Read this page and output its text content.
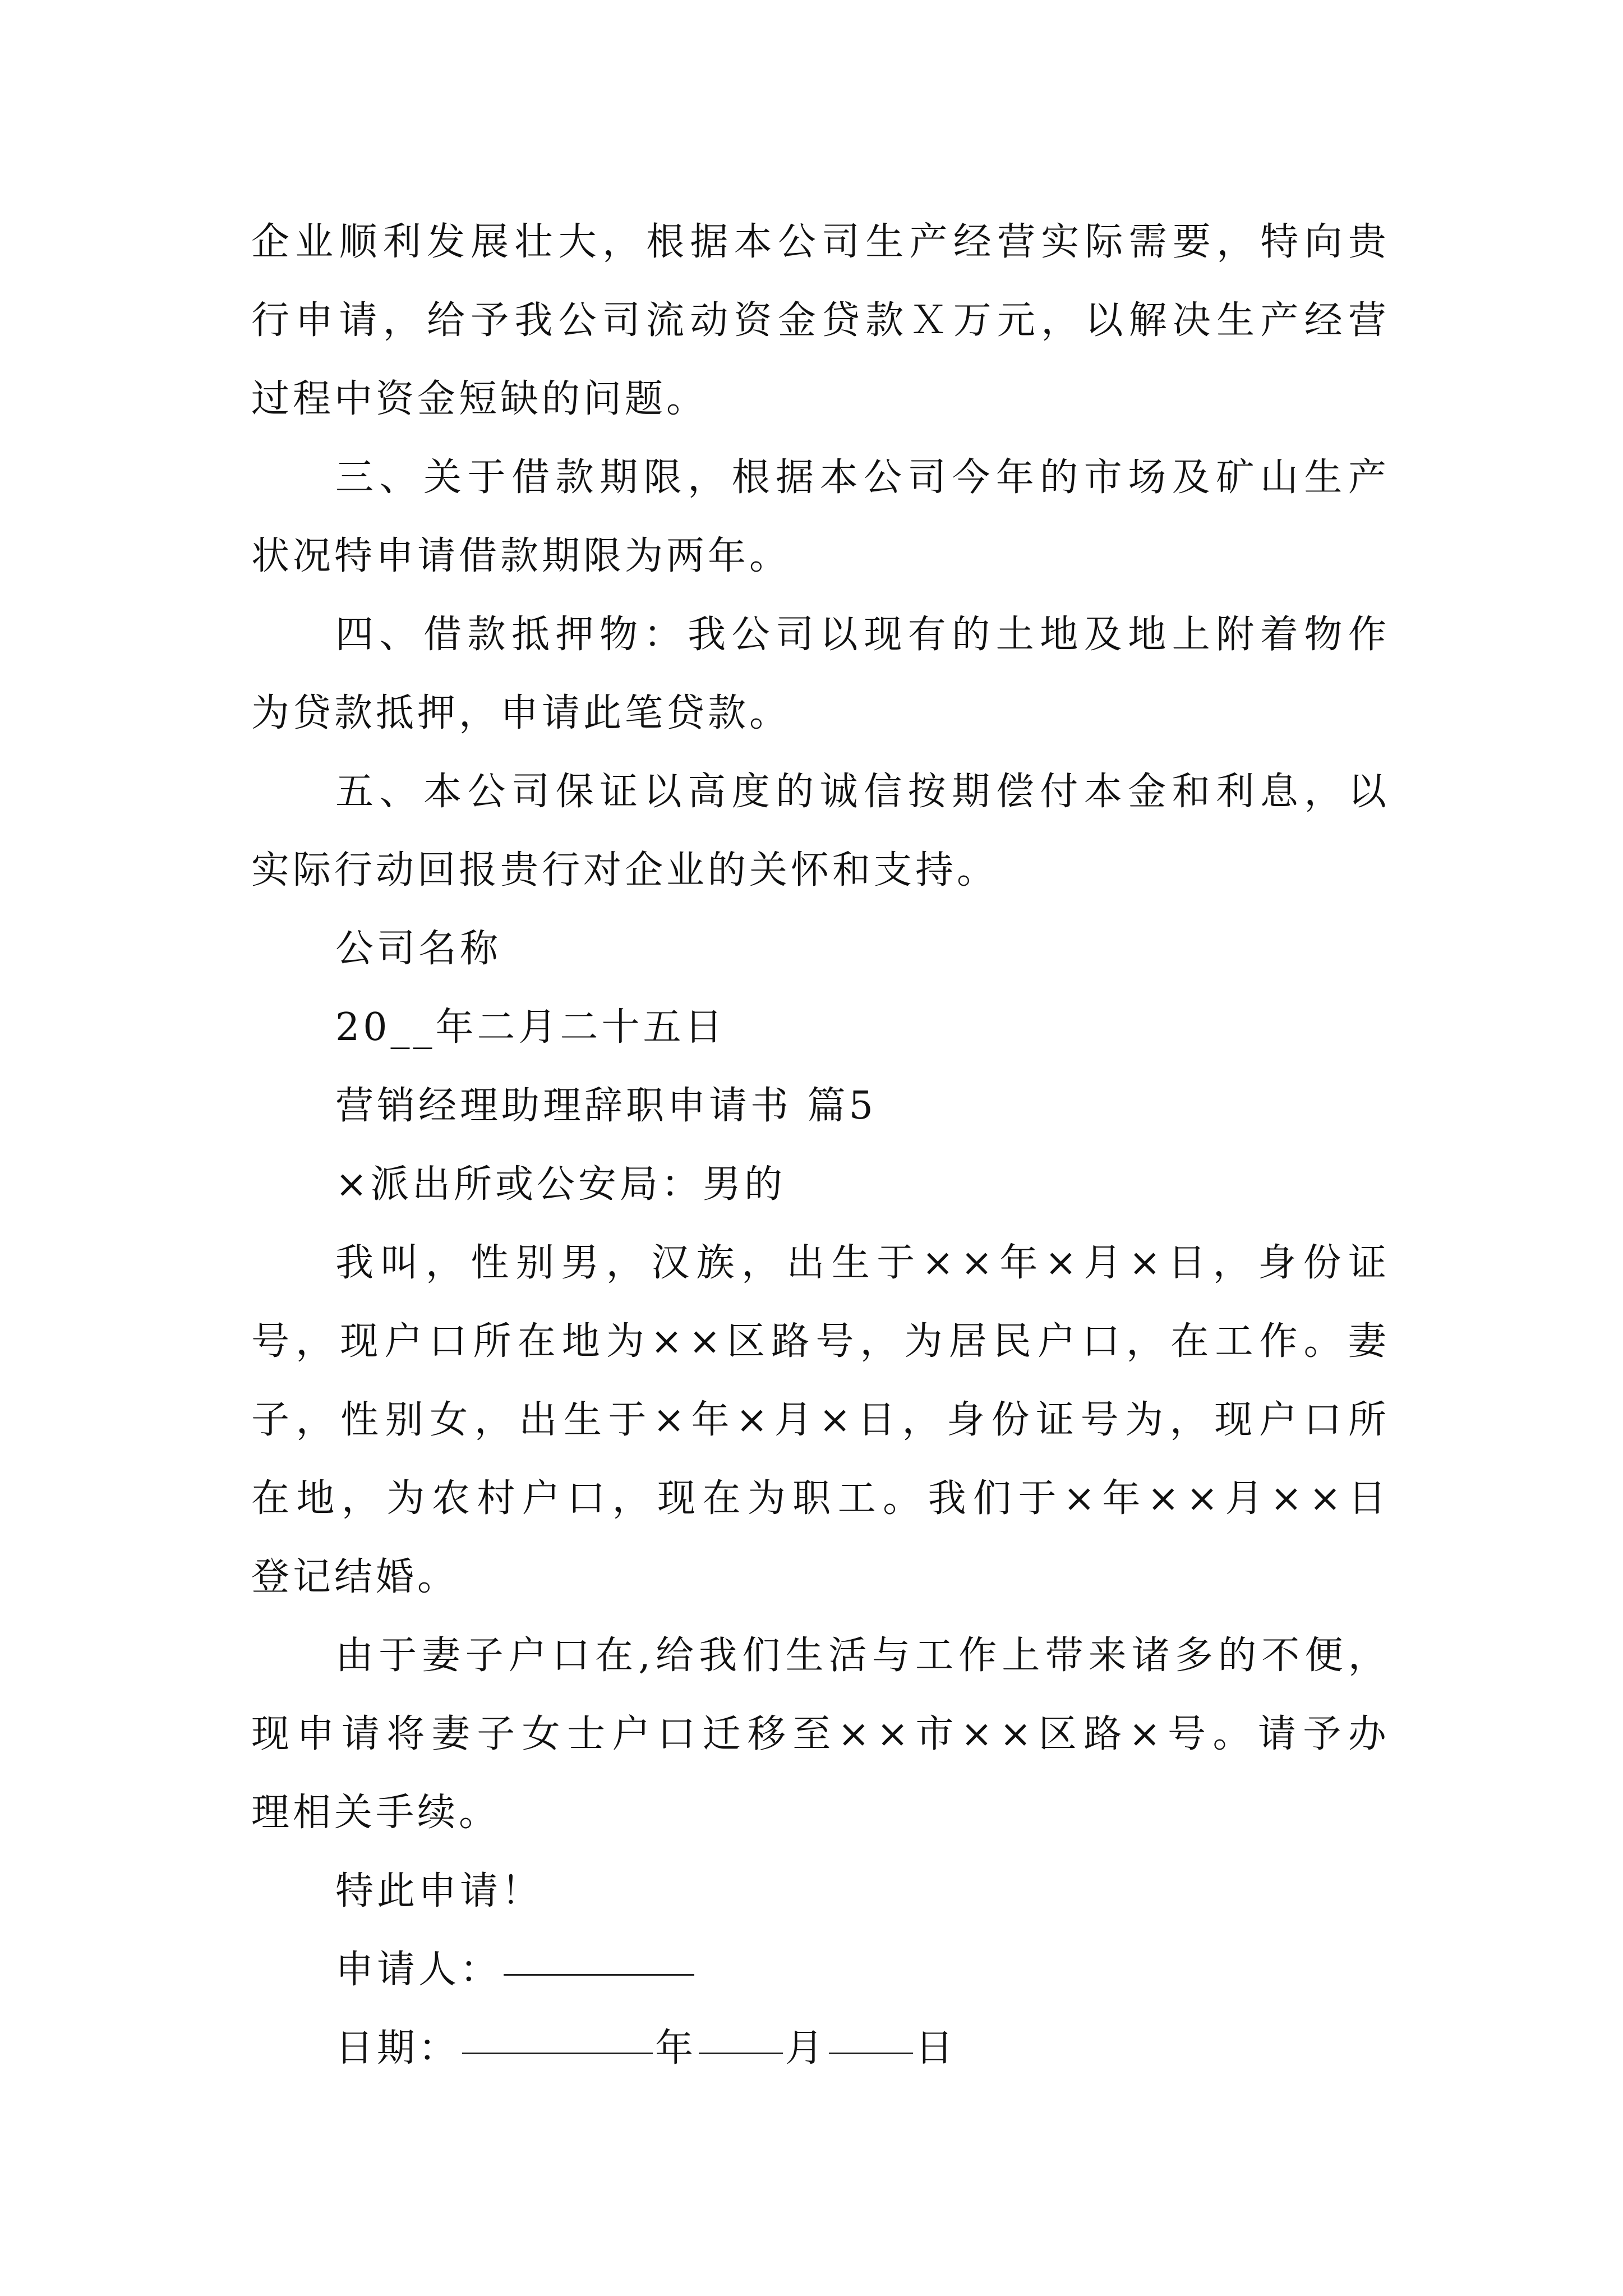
企 业 顺 利 发 展 壮 大 ， 根 据 本 公 司 生 产 经 营 实 际 需 要 ， 特 向 贵
行 申 请 ， 给 予 我 公 司 流 动 资 金 贷 款 Ｘ 万 元 ， 以 解 决 生 产 经 营
过程中资金短缺的问题。
三 、 关 于 借 款 期 限 ， 根 据 本 公 司 今 年 的 市 场 及 矿 山 生 产
状况特申请借款期限为两年。
四 、 借 款 抵 押 物 ： 我 公 司 以 现 有 的 土 地 及 地 上 附 着 物 作
为贷款抵押，申请此笔贷款。
五 、 本 公 司 保 证 以 高 度 的 诚 信 按 期 偿 付 本 金 和 利 息 ， 以
实际行动回报贵行对企业的关怀和支持。
公司名称
20__年二月二十五日
营销经理助理辞职申请书 篇5
×派出所或公安局：男的
我 叫 ， 性 别 男 ， 汉 族 ， 出 生 于 × × 年 × 月 × 日 ， 身 份 证
号 ， 现 户 口 所 在 地 为 × × 区 路 号 ， 为 居 民 户 口 ， 在 工 作 。 妻
子 ， 性 别 女 ， 出 生 于 × 年 × 月 × 日 ， 身 份 证 号 为 ， 现 户 口 所
在 地 ， 为 农 村 户 口 ， 现 在 为 职 工 。 我 们 于 × 年 × × 月 × × 日
登记结婚。
由 于 妻 子 户 口 在 , 给 我 们 生 活 与 工 作 上 带 来 诸 多 的 不 便 ，
现 申 请 将 妻 子 女 士 户 口 迁 移 至 × × 市 × × 区 路 × 号 。 请 予 办
理相关手续。
特此申请！
申请人：
日期：	年 月 日
